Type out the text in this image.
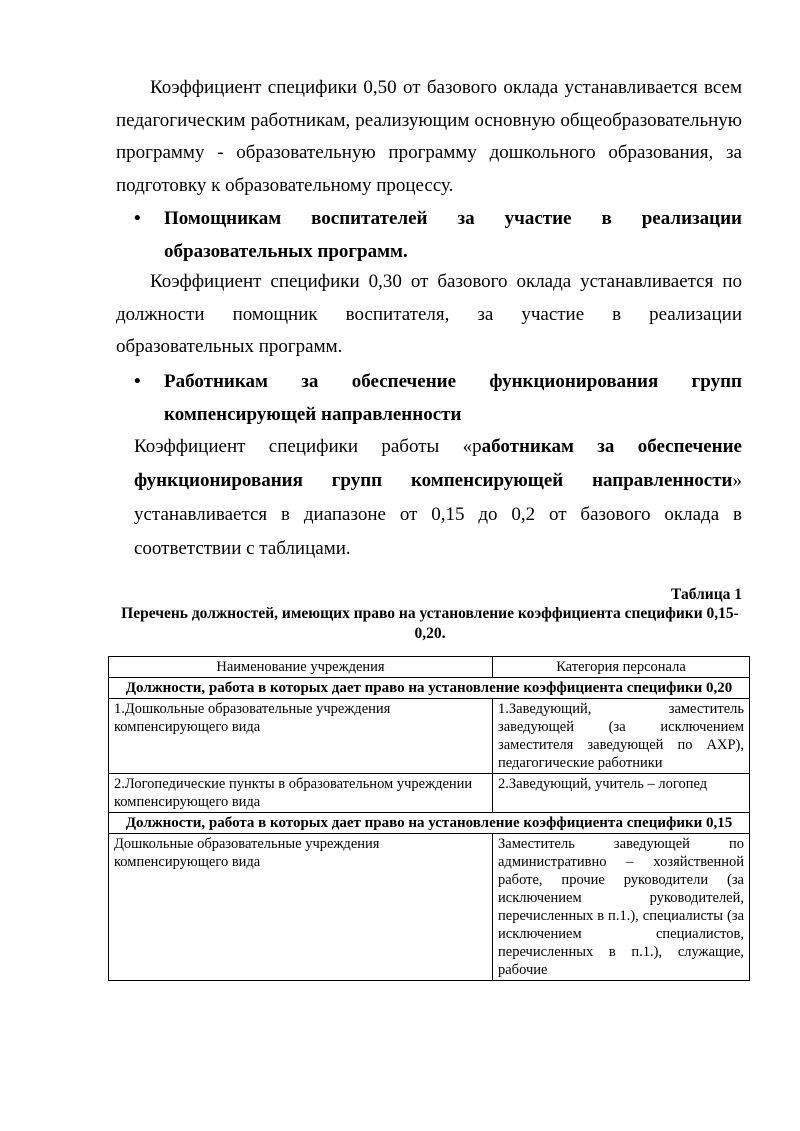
Коэффициент специфики 0,50 от базового оклада устанавливается всем педагогическим работникам, реализующим основную общеобразовательную программу - образовательную программу дошкольного образования, за подготовку к образовательному процессу.

• Помощникам воспитателей за участие в реализации
образовательных программ.

Коэффициент специфики 0,30 от базового оклада устанавливается по должности помощник воспитателя, за участие в реализации образовательных программ.

• Работникам за обеспечение функционирования групп
компенсирующей направленности

Коэффициент специфики работы «работникам за обеспечение функционирования групп компенсирующей направленности» устанавливается в диапазоне от 0,15 до 0,2 от базового оклада в соответствии с таблицами.

Таблица 1

Перечень должностей, имеющих право на установление коэффициента специфики 0,15-0,20.

Наименование учреждения	Категория персонала
Должности, работа в которых дает право на установление коэффициента специфики 0,20	
1.Дошкольные образовательные учреждения компенсирующего вида	1.Заведующий, заместитель заведующей (за исключением заместителя заведующей по АХР), педагогические работники
2.Логопедические пункты в образовательном учреждении компенсирующего вида	2.Заведующий, учитель – логопед
Должности, работа в которых дает право на установление коэффициента специфики 0,15	
Дошкольные образовательные учреждения компенсирующего вида	Заместитель заведующей по административно – хозяйственной работе, прочие руководители (за исключением руководителей, перечисленных в п.1.), специалисты (за исключением специалистов, перечисленных в п.1.), служащие, рабочие
